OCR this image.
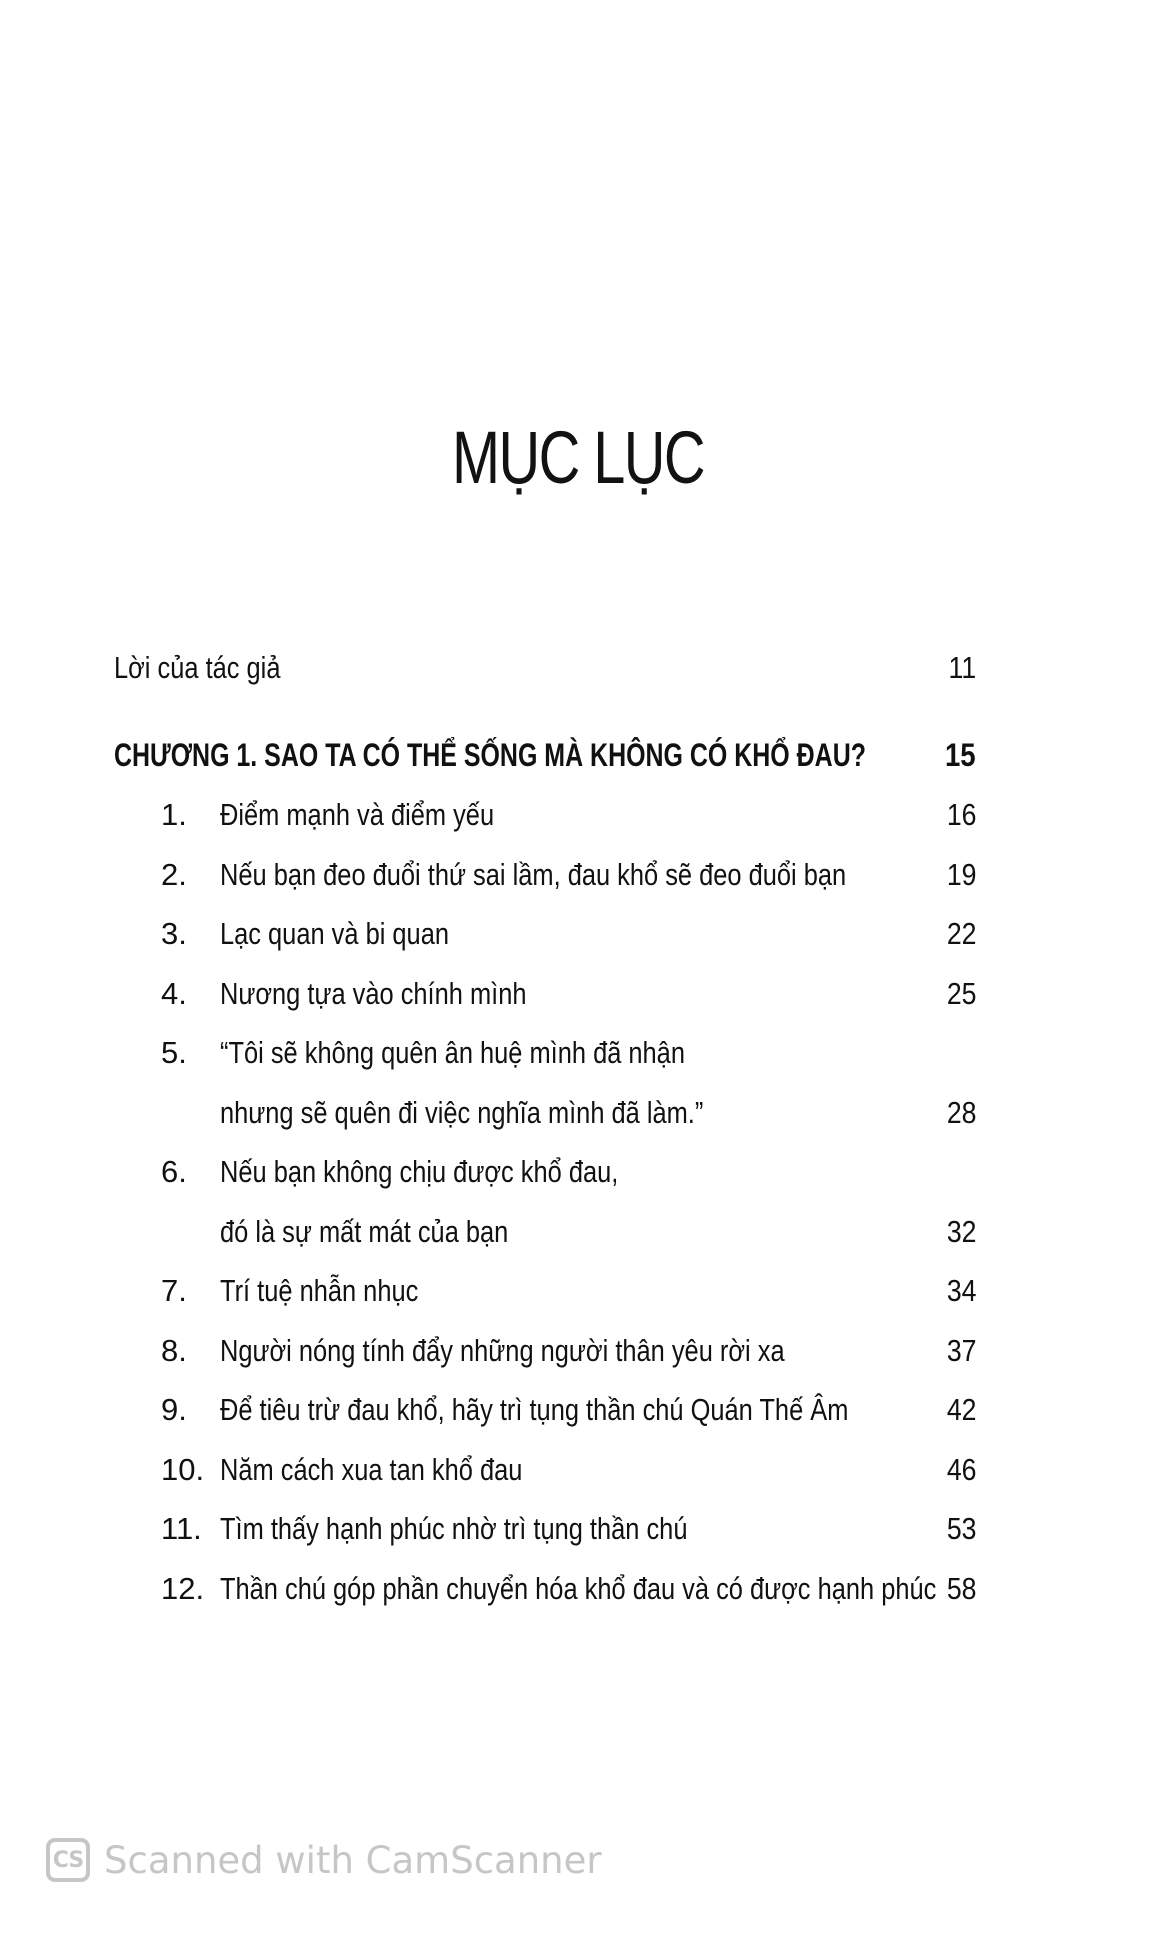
MỤC LỤC
Lời của tác giả	11
CHƯƠNG 1. SAO TA CÓ THỂ SỐNG MÀ KHÔNG CÓ KHỔ ĐAU? 15
1.	Điểm mạnh và điểm yếu	16
2.	Nếu bạn đeo đuổi thứ sai lầm, đau khổ sẽ đeo đuổi bạn	19
3.	Lạc quan và bi quan	22
4.	Nương tựa vào chính mình	25
5.	“Tôi sẽ không quên ân huệ mình đã nhận
nhưng sẽ quên đi việc nghĩa mình đã làm.”	28
6.	Nếu bạn không chịu được khổ đau,
đó là sự mất mát của bạn	32
7.	Trí tuệ nhẫn nhục	34
8.	Người nóng tính đẩy những người thân yêu rời xa	37
9.	Để tiêu trừ đau khổ, hãy trì tụng thần chú Quán Thế Âm	42
10. Năm cách xua tan khổ đau	46
11. Tìm thấy hạnh phúc nhờ trì tụng thần chú	53
12. Thần chú góp phần chuyển hóa khổ đau và có được hạnh phúc 58
CS Scanned with CamScanner
